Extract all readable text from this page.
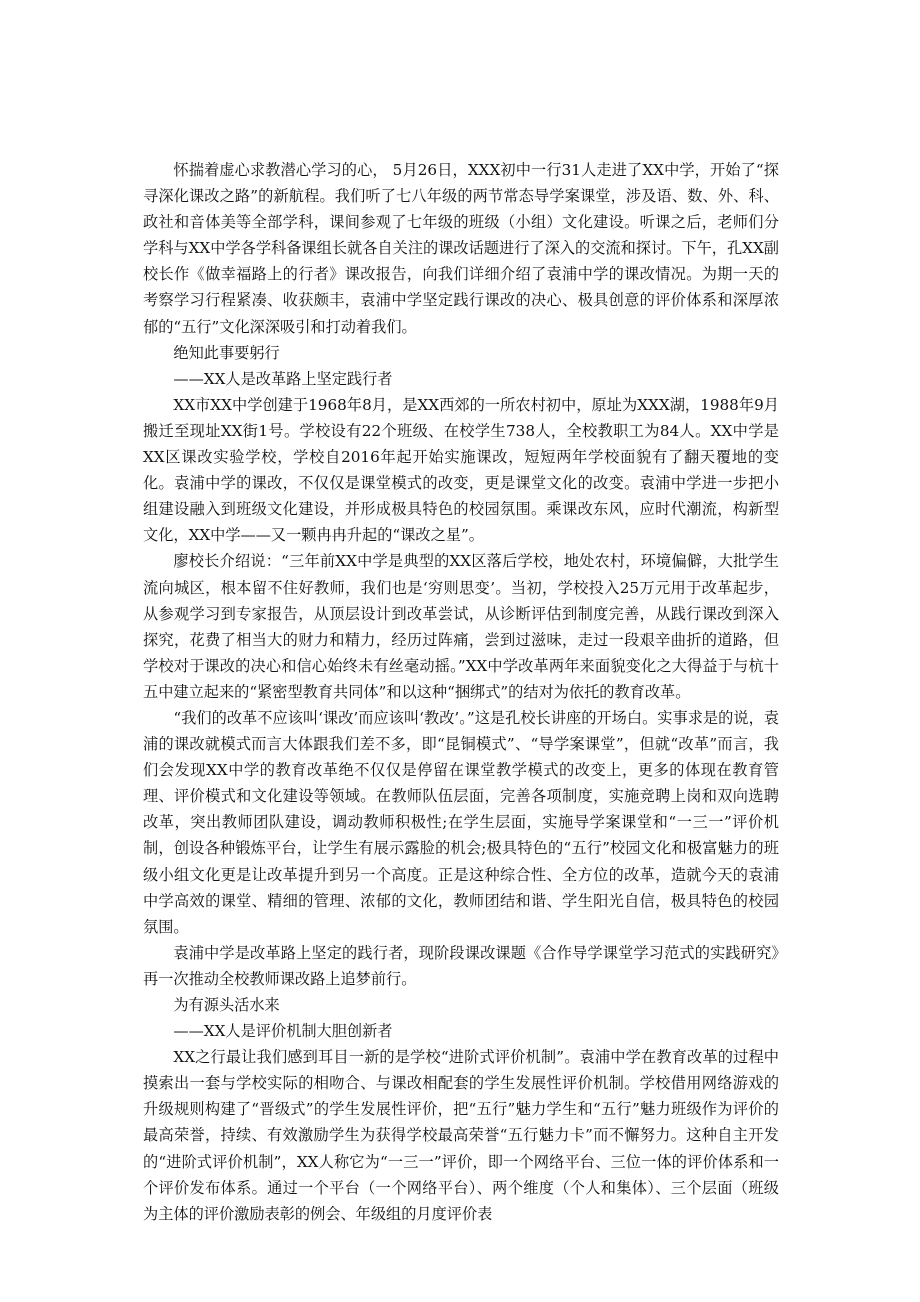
怀揣着虚心求教潜心学习的心， 5月26日，XXX初中一行31人走进了XX中学，开始了“探寻深化课改之路”的新航程。我们听了七八年级的两节常态导学案课堂，涉及语、数、外、科、政社和音体美等全部学科，课间参观了七年级的班级（小组）文化建设。听课之后，老师们分学科与XX中学各学科备课组长就各自关注的课改话题进行了深入的交流和探讨。下午，孔XX副校长作《做幸福路上的行者》课改报告，向我们详细介绍了袁浦中学的课改情况。为期一天的考察学习行程紧凑、收获颇丰，袁浦中学坚定践行课改的决心、极具创意的评价体系和深厚浓郁的“五行”文化深深吸引和打动着我们。

绝知此事要躬行

——XX人是改革路上坚定践行者

XX市XX中学创建于1968年8月，是XX西郊的一所农村初中，原址为XXX湖，1988年9月搬迁至现址XX街1号。学校设有22个班级、在校学生738人，全校教职工为84人。XX中学是XX区课改实验学校，学校自2016年起开始实施课改，短短两年学校面貌有了翻天覆地的变化。袁浦中学的课改，不仅仅是课堂模式的改变，更是课堂文化的改变。袁浦中学进一步把小组建设融入到班级文化建设，并形成极具特色的校园氛围。乘课改东风，应时代潮流，构新型文化，XX中学——又一颗冉冉升起的“课改之星”。

廖校长介绍说：“三年前XX中学是典型的XX区落后学校，地处农村，环境偏僻，大批学生流向城区，根本留不住好教师，我们也是‘穷则思变’。当初，学校投入25万元用于改革起步，从参观学习到专家报告，从顶层设计到改革尝试，从诊断评估到制度完善，从践行课改到深入探究，花费了相当大的财力和精力，经历过阵痛，尝到过滋味，走过一段艰辛曲折的道路，但学校对于课改的决心和信心始终未有丝毫动摇。”XX中学改革两年来面貌变化之大得益于与杭十五中建立起来的“紧密型教育共同体”和以这种“捆绑式”的结对为依托的教育改革。

“我们的改革不应该叫‘课改’而应该叫‘教改’。”这是孔校长讲座的开场白。实事求是的说，袁浦的课改就模式而言大体跟我们差不多，即“昆铜模式”、“导学案课堂”，但就“改革”而言，我们会发现XX中学的教育改革绝不仅仅是停留在课堂教学模式的改变上，更多的体现在教育管理、评价模式和文化建设等领域。在教师队伍层面，完善各项制度，实施竞聘上岗和双向选聘改革，突出教师团队建设，调动教师积极性;在学生层面，实施导学案课堂和“一三一”评价机制，创设各种锻炼平台，让学生有展示露脸的机会;极具特色的“五行”校园文化和极富魅力的班级小组文化更是让改革提升到另一个高度。正是这种综合性、全方位的改革，造就今天的袁浦中学高效的课堂、精细的管理、浓郁的文化，教师团结和谐、学生阳光自信，极具特色的校园氛围。

袁浦中学是改革路上坚定的践行者，现阶段课改课题《合作导学课堂学习范式的实践研究》再一次推动全校教师课改路上追梦前行。

为有源头活水来

——XX人是评价机制大胆创新者

XX之行最让我们感到耳目一新的是学校“进阶式评价机制”。袁浦中学在教育改革的过程中摸索出一套与学校实际的相吻合、与课改相配套的学生发展性评价机制。学校借用网络游戏的升级规则构建了“晋级式”的学生发展性评价，把“五行”魅力学生和“五行”魅力班级作为评价的最高荣誉，持续、有效激励学生为获得学校最高荣誉“五行魅力卡”而不懈努力。这种自主开发的“进阶式评价机制”，XX人称它为“一三一”评价，即一个网络平台、三位一体的评价体系和一个评价发布体系。通过一个平台（一个网络平台）、两个维度（个人和集体）、三个层面（班级为主体的评价激励表彰的例会、年级组的月度评价表
